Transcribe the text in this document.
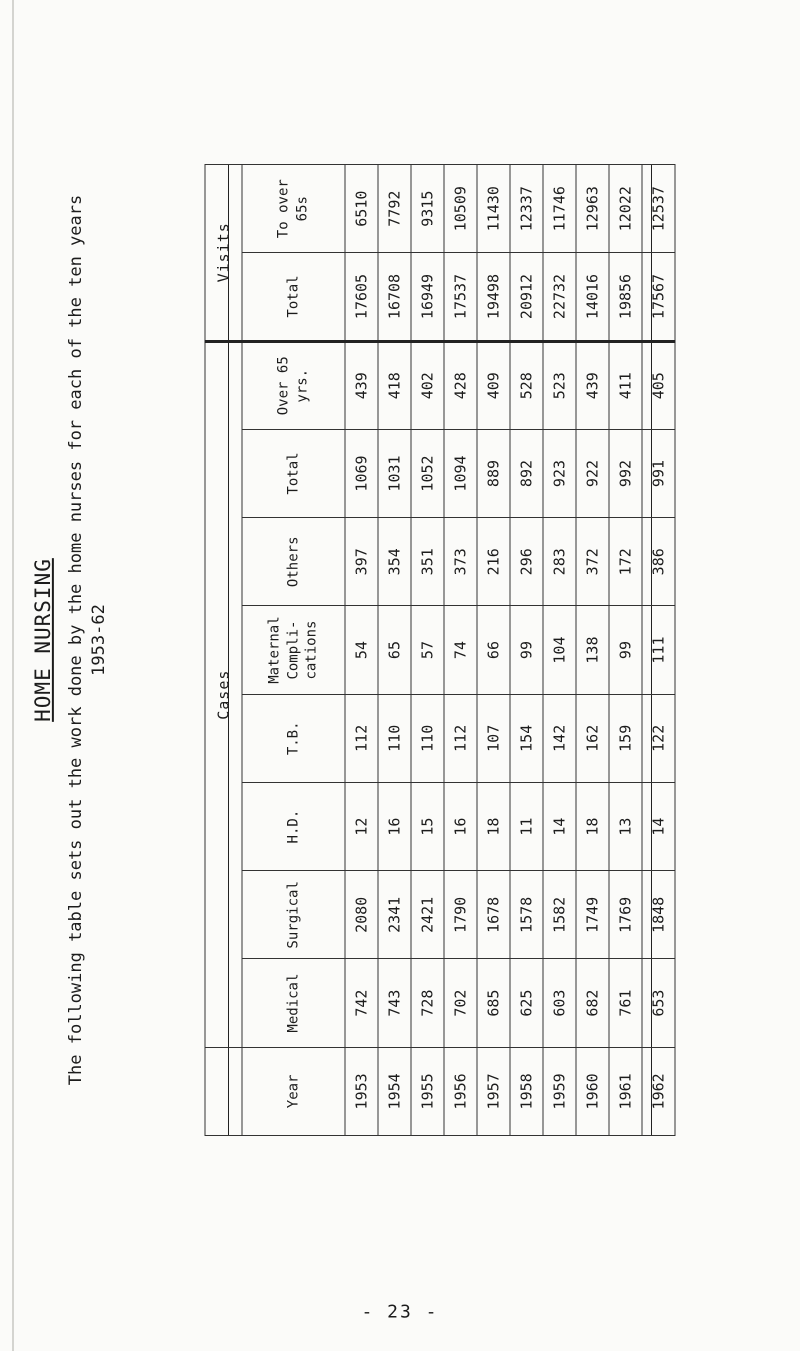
HOME NURSING The following table sets out the work done by the home nurses for each of the ten years 1953-62
	Cases								Visits	
Year	Medical	Surgical	H.D.	T.B.	Maternal Compli-cations	Others	Total	Over 65 yrs.	Total	To over 65s
1953	742	2080	12	112	54	397	1069	439	17605	6510
1954	743	2341	16	110	65	354	1031	418	16708	7792
1955	728	2421	15	110	57	351	1052	402	16949	9315
1956	702	1790	16	112	74	373	1094	428	17537	10509
1957	685	1678	18	107	66	216	889	409	19498	11430
1958	625	1578	11	154	99	296	892	528	20912	12337
1959	603	1582	14	142	104	283	923	523	22732	11746
1960	682	1749	18	162	138	372	922	439	14016	12963
1961	761	1769	13	159	99	172	992	411	19856	12022
1962	653	1848	14	122	111	386	991	405	17567	12537
- 23 -
